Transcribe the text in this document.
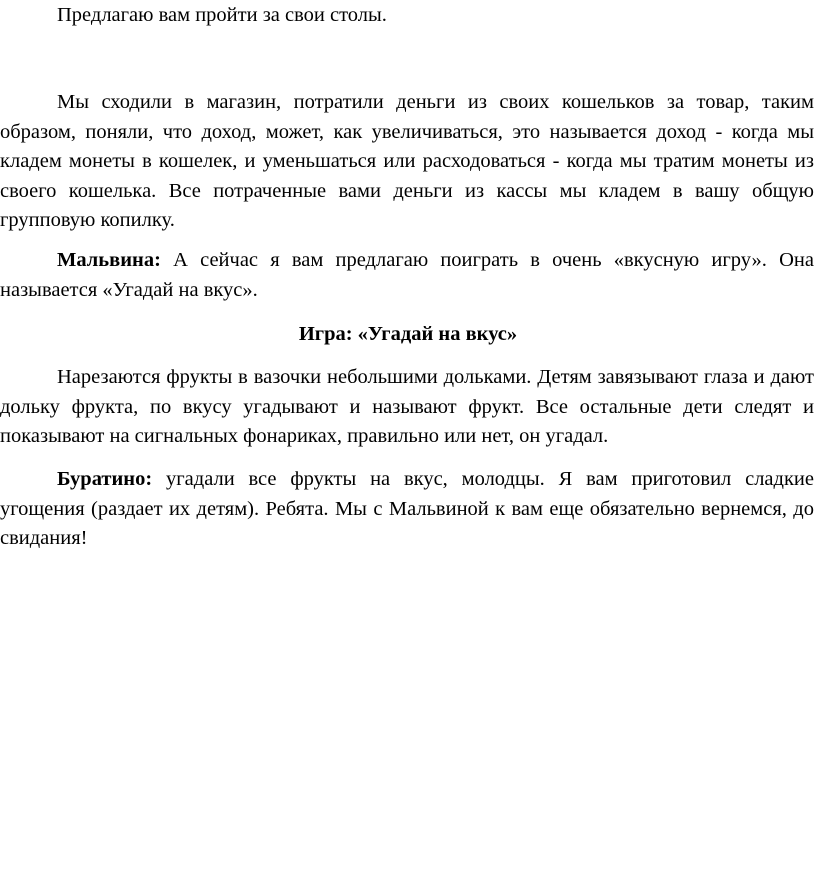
Предлагаю вам пройти за свои столы.

Мы сходили в магазин, потратили деньги из своих кошельков за товар, таким образом, поняли, что доход, может, как увеличиваться, это называется доход - когда мы кладем монеты в кошелек, и уменьшаться или расходоваться - когда мы тратим монеты из своего кошелька. Все потраченные вами деньги из кассы мы кладем в вашу общую групповую копилку.

Мальвина: А сейчас я вам предлагаю поиграть в очень «вкусную игру». Она называется «Угадай на вкус».

Игра: «Угадай на вкус»

Нарезаются фрукты в вазочки небольшими дольками. Детям завязывают глаза и дают дольку фрукта, по вкусу угадывают и называют фрукт. Все остальные дети следят и показывают на сигнальных фонариках, правильно или нет, он угадал.

Буратино: угадали все фрукты на вкус, молодцы. Я вам приготовил сладкие угощения (раздает их детям). Ребята. Мы с Мальвиной к вам еще обязательно вернемся, до свидания!
